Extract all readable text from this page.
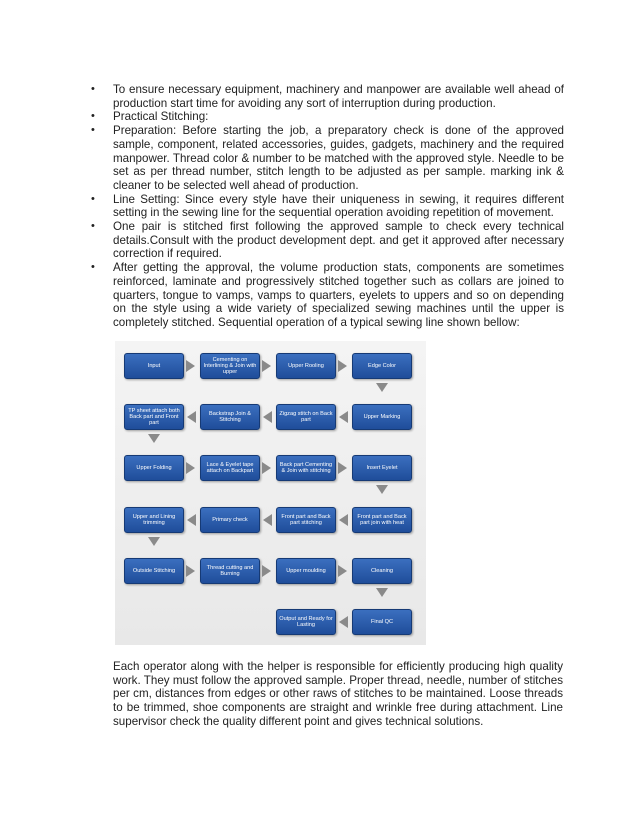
• To ensure necessary equipment, machinery and manpower are available well ahead of production start time for avoiding any sort of interruption during production.
• Practical Stitching:
• Preparation: Before starting the job, a preparatory check is done of the approved sample, component, related accessories, guides, gadgets, machinery and the required manpower. Thread color & number to be matched with the approved style. Needle to be set as per thread number, stitch length to be adjusted as per sample. marking ink & cleaner to be selected well ahead of production.
• Line Setting: Since every style have their uniqueness in sewing, it requires different setting in the sewing line for the sequential operation avoiding repetition of movement.
• One pair is stitched first following the approved sample to check every technical details.Consult with the product development dept. and get it approved after necessary correction if required.
• After getting the approval, the volume production stats, components are sometimes reinforced, laminate and progressively stitched together such as collars are joined to quarters, tongue to vamps, vamps to quarters, eyelets to uppers and so on depending on the style using a wide variety of specialized sewing machines until the upper is completely stitched. Sequential operation of a typical sewing line shown bellow:
Input
Cementing on Interlining & Join with upper
Upper Rooling	Edge Color
TP sheet attach both Back part and Front part
Backstrap Join & Stitching
Zigzag stitch on Back part
Upper Marking
Upper Folding
Lace & Eyelet tape attach on Backpart
Back part Cementing & Join with stitching
Insert Eyelet
Upper and Lining trimming
Primary check
Front part and Back part stitching
Front part and Back part join with heat
Outside Stitching
Thread cutting and Burning
Upper moulding	Cleaning
Output and Ready for Lasting
Final QC

Each operator along with the helper is responsible for efficiently producing high quality work. They must follow the approved sample. Proper thread, needle, number of stitches per cm, distances from edges or other raws of stitches to be maintained. Loose threads to be trimmed, shoe components are straight and wrinkle free during attachment. Line supervisor check the quality different point and gives technical solutions.
